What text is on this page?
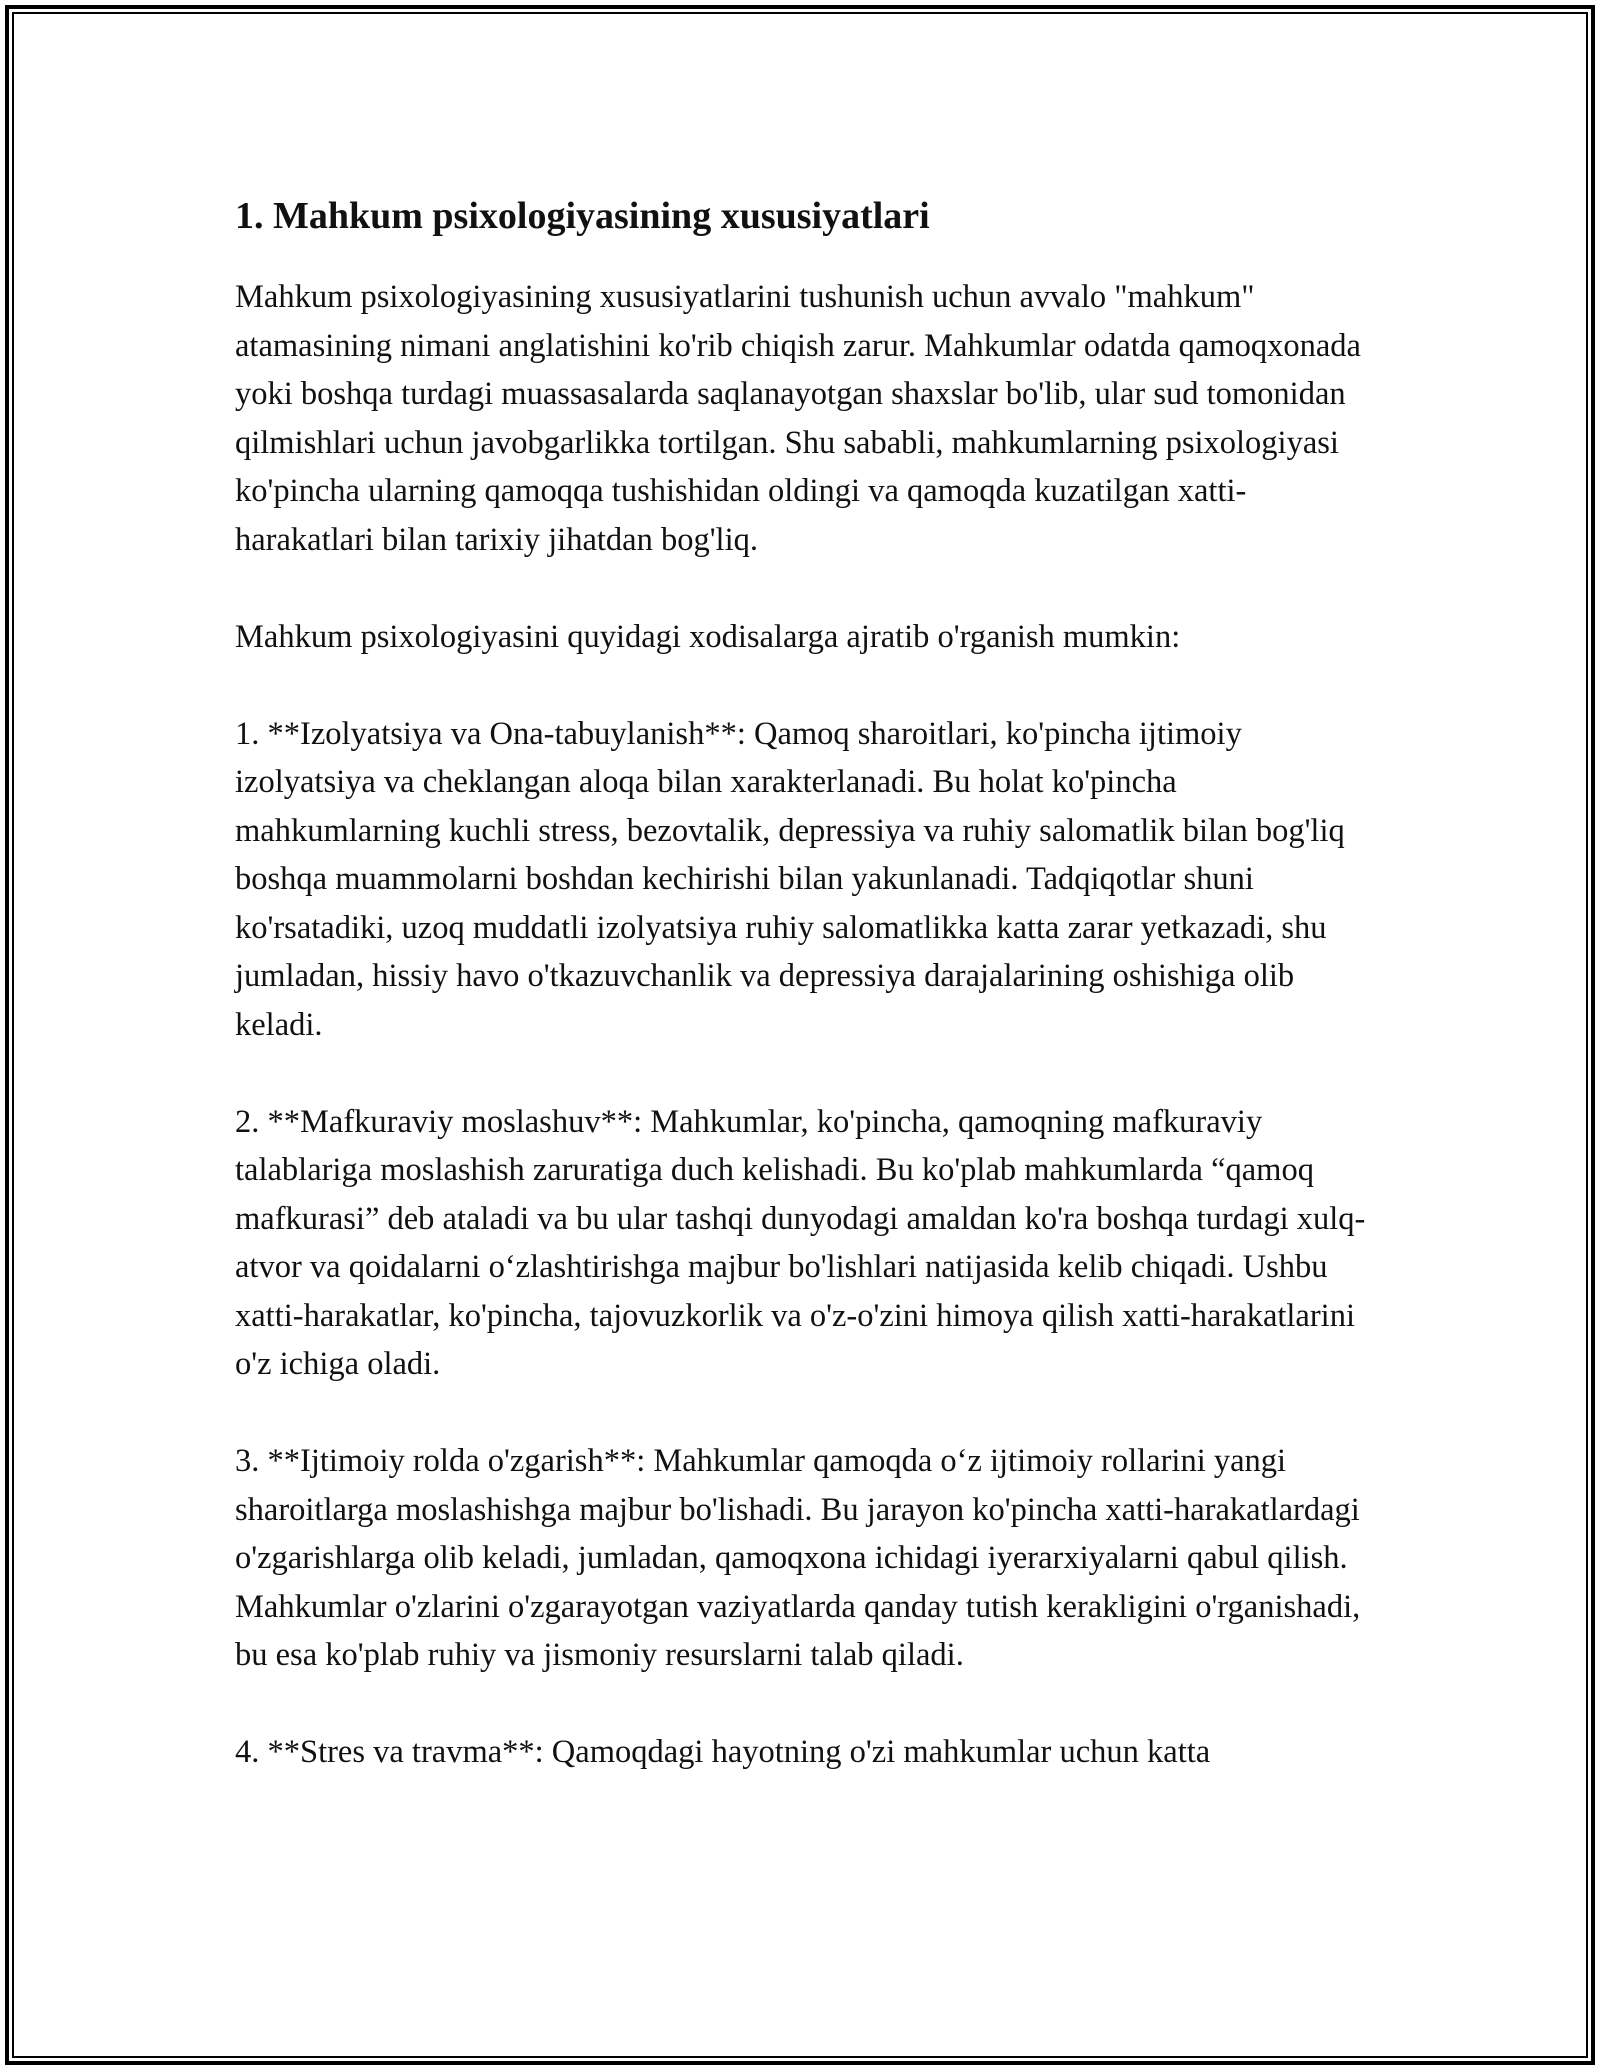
1. Mahkum psixologiyasining xususiyatlari

Mahkum psixologiyasining xususiyatlarini tushunish uchun avvalo "mahkum" atamasining nimani anglatishini ko'rib chiqish zarur. Mahkumlar odatda qamoqxonada yoki boshqa turdagi muassasalarda saqlanayotgan shaxslar bo'lib, ular sud tomonidan qilmishlari uchun javobgarlikka tortilgan. Shu sababli, mahkumlarning psixologiyasi ko'pincha ularning qamoqqa tushishidan oldingi va qamoqda kuzatilgan xatti-harakatlari bilan tarixiy jihatdan bog'liq.

Mahkum psixologiyasini quyidagi xodisalarga ajratib o'rganish mumkin:

1. **Izolyatsiya va Ona-tabuylanish**: Qamoq sharoitlari, ko'pincha ijtimoiy izolyatsiya va cheklangan aloqa bilan xarakterlanadi. Bu holat ko'pincha mahkumlarning kuchli stress, bezovtalik, depressiya va ruhiy salomatlik bilan bog'liq boshqa muammolarni boshdan kechirishi bilan yakunlanadi. Tadqiqotlar shuni ko'rsatadiki, uzoq muddatli izolyatsiya ruhiy salomatlikka katta zarar yetkazadi, shu jumladan, hissiy havo o'tkazuvchanlik va depressiya darajalarining oshishiga olib keladi.

2. **Mafkuraviy moslashuv**: Mahkumlar, ko'pincha, qamoqning mafkuraviy talablariga moslashish zaruratiga duch kelishadi. Bu ko'plab mahkumlarda “qamoq mafkurasi” deb ataladi va bu ular tashqi dunyodagi amaldan ko'ra boshqa turdagi xulq-atvor va qoidalarni o‘zlashtirishga majbur bo'lishlari natijasida kelib chiqadi. Ushbu xatti-harakatlar, ko'pincha, tajovuzkorlik va o'z-o'zini himoya qilish xatti-harakatlarini o'z ichiga oladi.

3. **Ijtimoiy rolda o'zgarish**: Mahkumlar qamoqda o‘z ijtimoiy rollarini yangi sharoitlarga moslashishga majbur bo'lishadi. Bu jarayon ko'pincha xatti-harakatlardagi o'zgarishlarga olib keladi, jumladan, qamoqxona ichidagi iyerarxiyalarni qabul qilish. Mahkumlar o'zlarini o'zgarayotgan vaziyatlarda qanday tutish kerakligini o'rganishadi, bu esa ko'plab ruhiy va jismoniy resurslarni talab qiladi.

4. **Stres va travma**: Qamoqdagi hayotning o'zi mahkumlar uchun katta
